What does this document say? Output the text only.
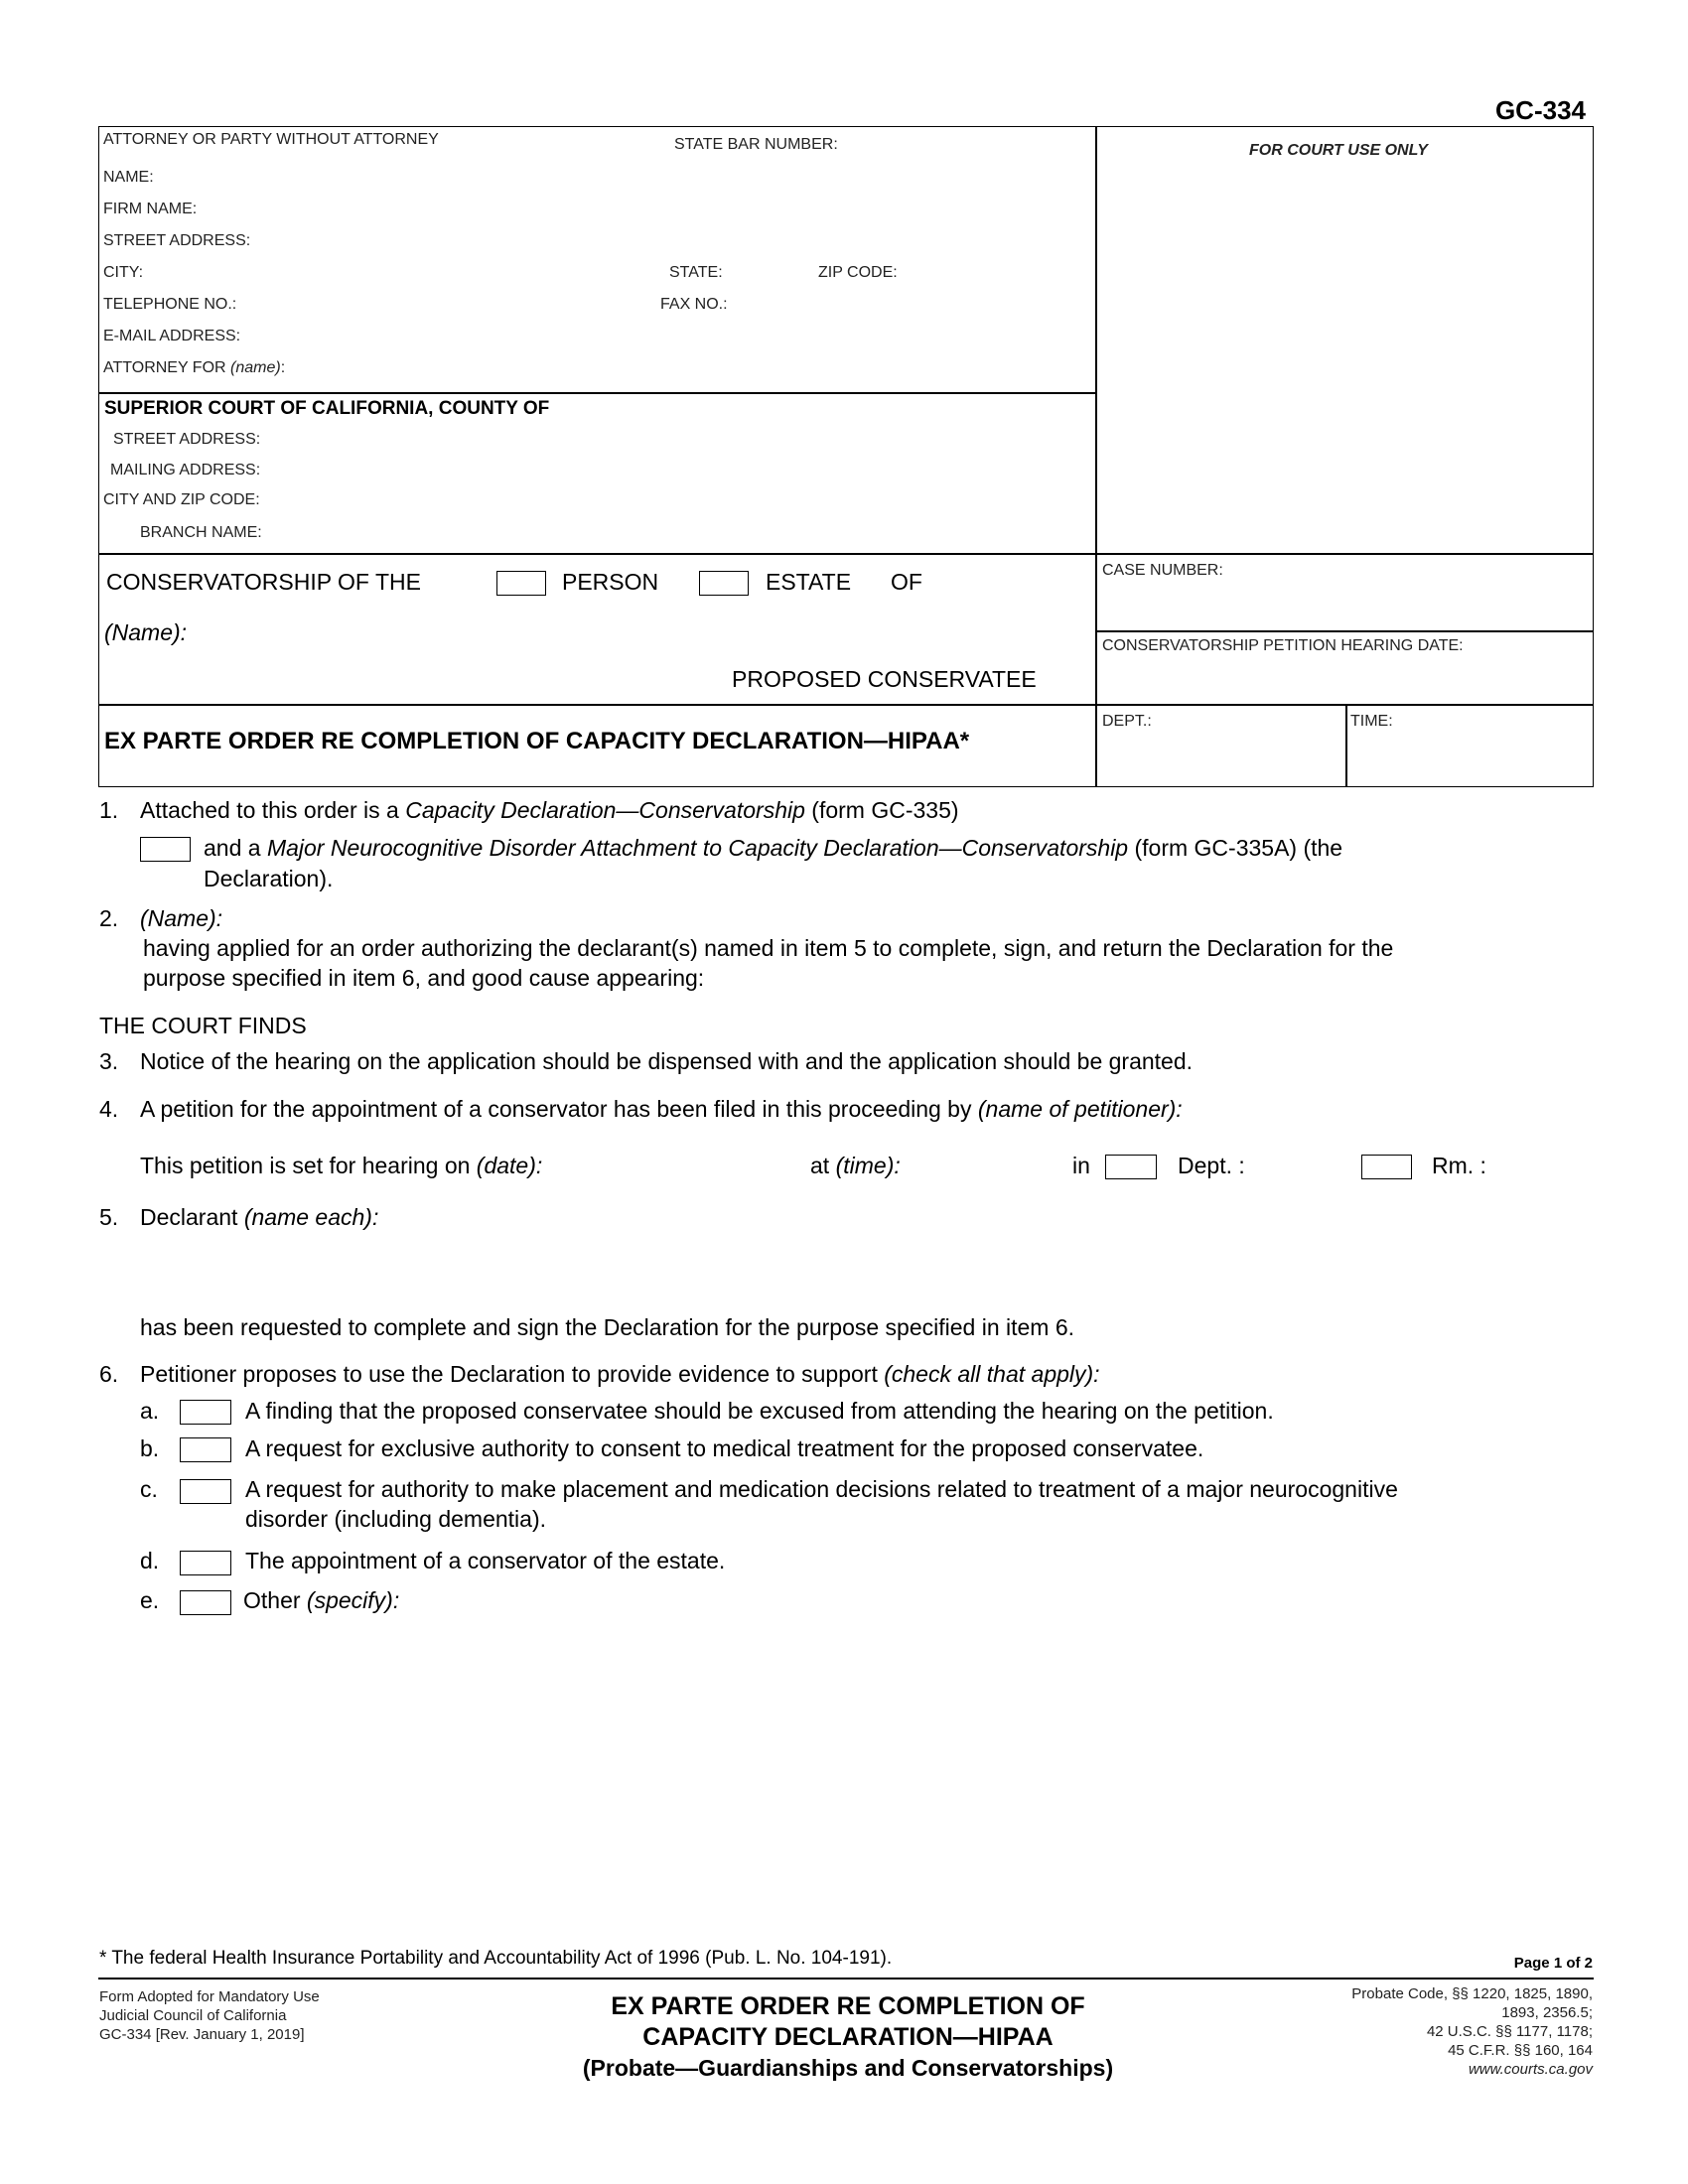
GC-334
ATTORNEY OR PARTY WITHOUT ATTORNEY	STATE BAR NUMBER:	FOR COURT USE ONLY
NAME:
FIRM NAME:
STREET ADDRESS:
CITY:	STATE:	ZIP CODE:
TELEPHONE NO.:	FAX NO.:
E-MAIL ADDRESS:
ATTORNEY FOR (name):
SUPERIOR COURT OF CALIFORNIA, COUNTY OF
STREET ADDRESS:
MAILING ADDRESS:
CITY AND ZIP CODE:
BRANCH NAME:
CONSERVATORSHIP OF THE	PERSON	ESTATE OF
(Name):
PROPOSED CONSERVATEE
CASE NUMBER:
CONSERVATORSHIP PETITION HEARING DATE:
EX PARTE ORDER RE COMPLETION OF CAPACITY DECLARATION—HIPAA*
DEPT.:	TIME:
1. Attached to this order is a Capacity Declaration—Conservatorship (form GC-335)
and a Major Neurocognitive Disorder Attachment to Capacity Declaration—Conservatorship (form GC-335A) (the
Declaration).
2. (Name):
having applied for an order authorizing the declarant(s) named in item 5 to complete, sign, and return the Declaration for the
purpose specified in item 6, and good cause appearing:
THE COURT FINDS
3. Notice of the hearing on the application should be dispensed with and the application should be granted.
4. A petition for the appointment of a conservator has been filed in this proceeding by (name of petitioner):
This petition is set for hearing on (date):	at (time):	in	Dept. :	Rm. :
5. Declarant (name each):
has been requested to complete and sign the Declaration for the purpose specified in item 6.
6. Petitioner proposes to use the Declaration to provide evidence to support (check all that apply):
a.	A finding that the proposed conservatee should be excused from attending the hearing on the petition.
b.	A request for exclusive authority to consent to medical treatment for the proposed conservatee.
c.	A request for authority to make placement and medication decisions related to treatment of a major neurocognitive
disorder (including dementia).
d.	The appointment of a conservator of the estate.
e.	Other (specify):
* The federal Health Insurance Portability and Accountability Act of 1996 (Pub. L. No. 104-191).	Page 1 of 2
Form Adopted for Mandatory Use
Judicial Council of California
GC-334 [Rev. January 1, 2019]
EX PARTE ORDER RE COMPLETION OF
CAPACITY DECLARATION—HIPAA
(Probate—Guardianships and Conservatorships)
Probate Code, §§ 1220, 1825, 1890,
1893, 2356.5;
42 U.S.C. §§ 1177, 1178;
45 C.F.R. §§ 160, 164
www.courts.ca.gov
